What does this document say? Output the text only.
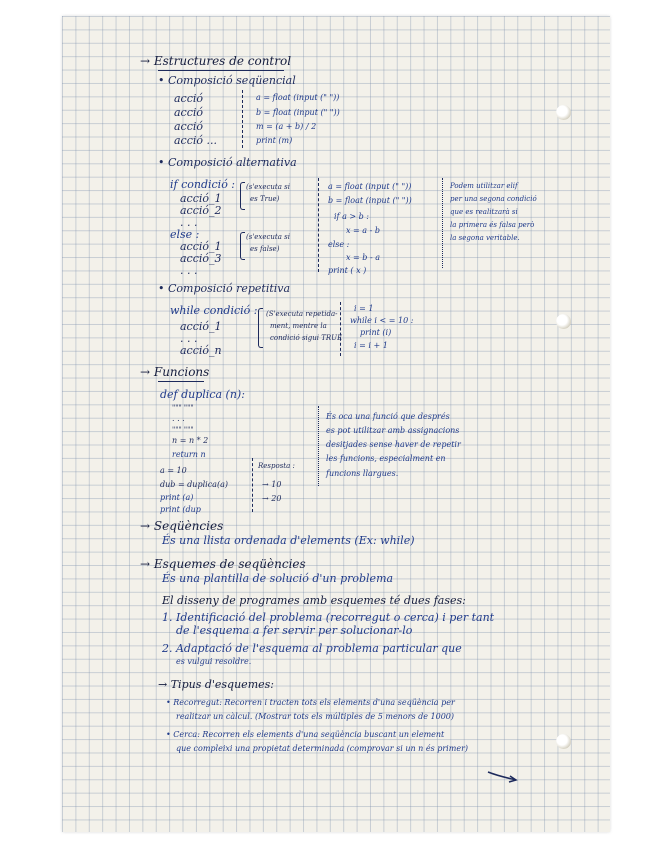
→ Estructures de control
• Composició seqüencial
acció
acció
acció
acció ...
a = float (input (" "))
b = float (input (" "))
m = (a + b) / 2
print (m)
• Composició alternativa
if condició :
acció_1
acció_2
. . .
else :
acció_1
acció_3
. . .
(s'executa si
es True)
(s'executa si
es false)
a = float (input (" "))
b = float (input (" "))
if a > b :
x = a - b
else :
x = b - a
print ( x )
Podem utilitzar elif
per una segona condició
que es realitzarà si
la primera és falsa però
la segona veritable.
• Composició repetitiva
while condició :
acció_1
. . .
acció_n
(S'executa repetida-
ment, mentre la
condició sigui TRUE
i = 1
while i < = 10 :
print (i)
i = i + 1
→ Funcions
def duplica (n):
""" """
. . .
""" """
n = n * 2
return n
a = 10
dub = duplica(a)
print (a)
print (dup
Resposta :
→ 10
→ 20
És oca una funció que després
es pot utilitzar amb assignacions
desitjades sense haver de repetir
les funcions, especialment en
funcions llargues.
→ Seqüències
És una llista ordenada d'elements (Ex: while)
→ Esquemes de seqüències
És una plantilla de solució d'un problema
El disseny de programes amb esquemes té dues fases:
1. Identificació del problema (recorregut o cerca) i per tant
de l'esquema a fer servir per solucionar-lo
2. Adaptació de l'esquema al problema particular que
es vulgui resoldre.
→ Tipus d'esquemes:
• Recorregut: Recorren i tracten tots els elements d'una seqüència per
realitzar un càlcul. (Mostrar tots els múltiples de 5 menors de 1000)
• Cerca: Recorren els elements d'una seqüència buscant un element
que compleixi una propietat determinada (comprovar si un n és primer)
